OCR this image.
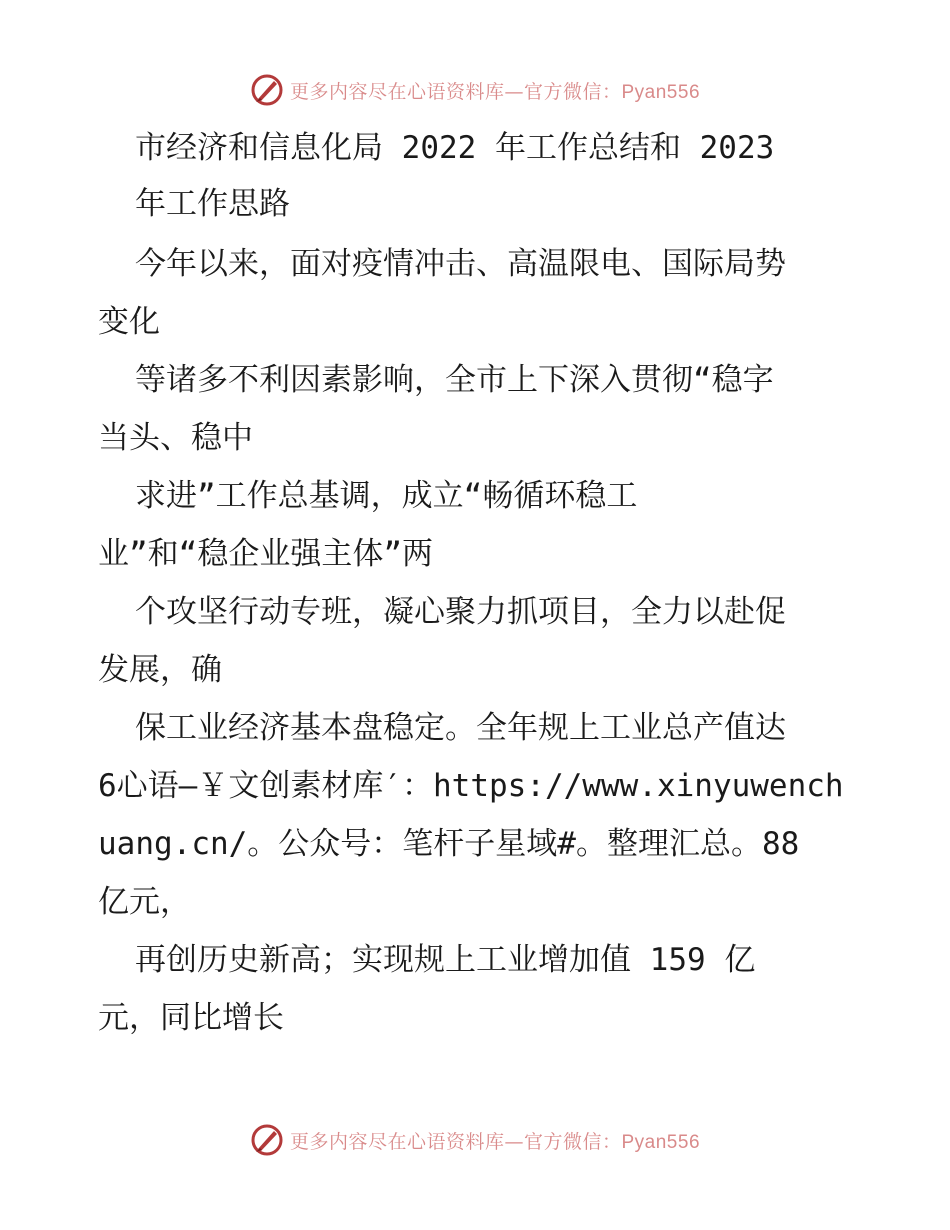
更多内容尽在心语资料库—官方微信：Pyan556
市经济和信息化局 2022 年工作总结和 2023
年工作思路
今年以来，面对疫情冲击、高温限电、国际局势
变化
等诸多不利因素影响，全市上下深入贯彻“稳字
当头、稳中
求进”工作总基调，成立“畅循环稳工
业”和“稳企业强主体”两
个攻坚行动专班，凝心聚力抓项目，全力以赴促
发展，确
保工业经济基本盘稳定。全年规上工业总产值达
6心语—￥文创素材库′：https://www.xinyuwench
uang.cn/。公众号：笔杆子星域#。整理汇总。88
亿元，
再创历史新高；实现规上工业增加值 159 亿
元，同比增长
更多内容尽在心语资料库—官方微信：Pyan556
